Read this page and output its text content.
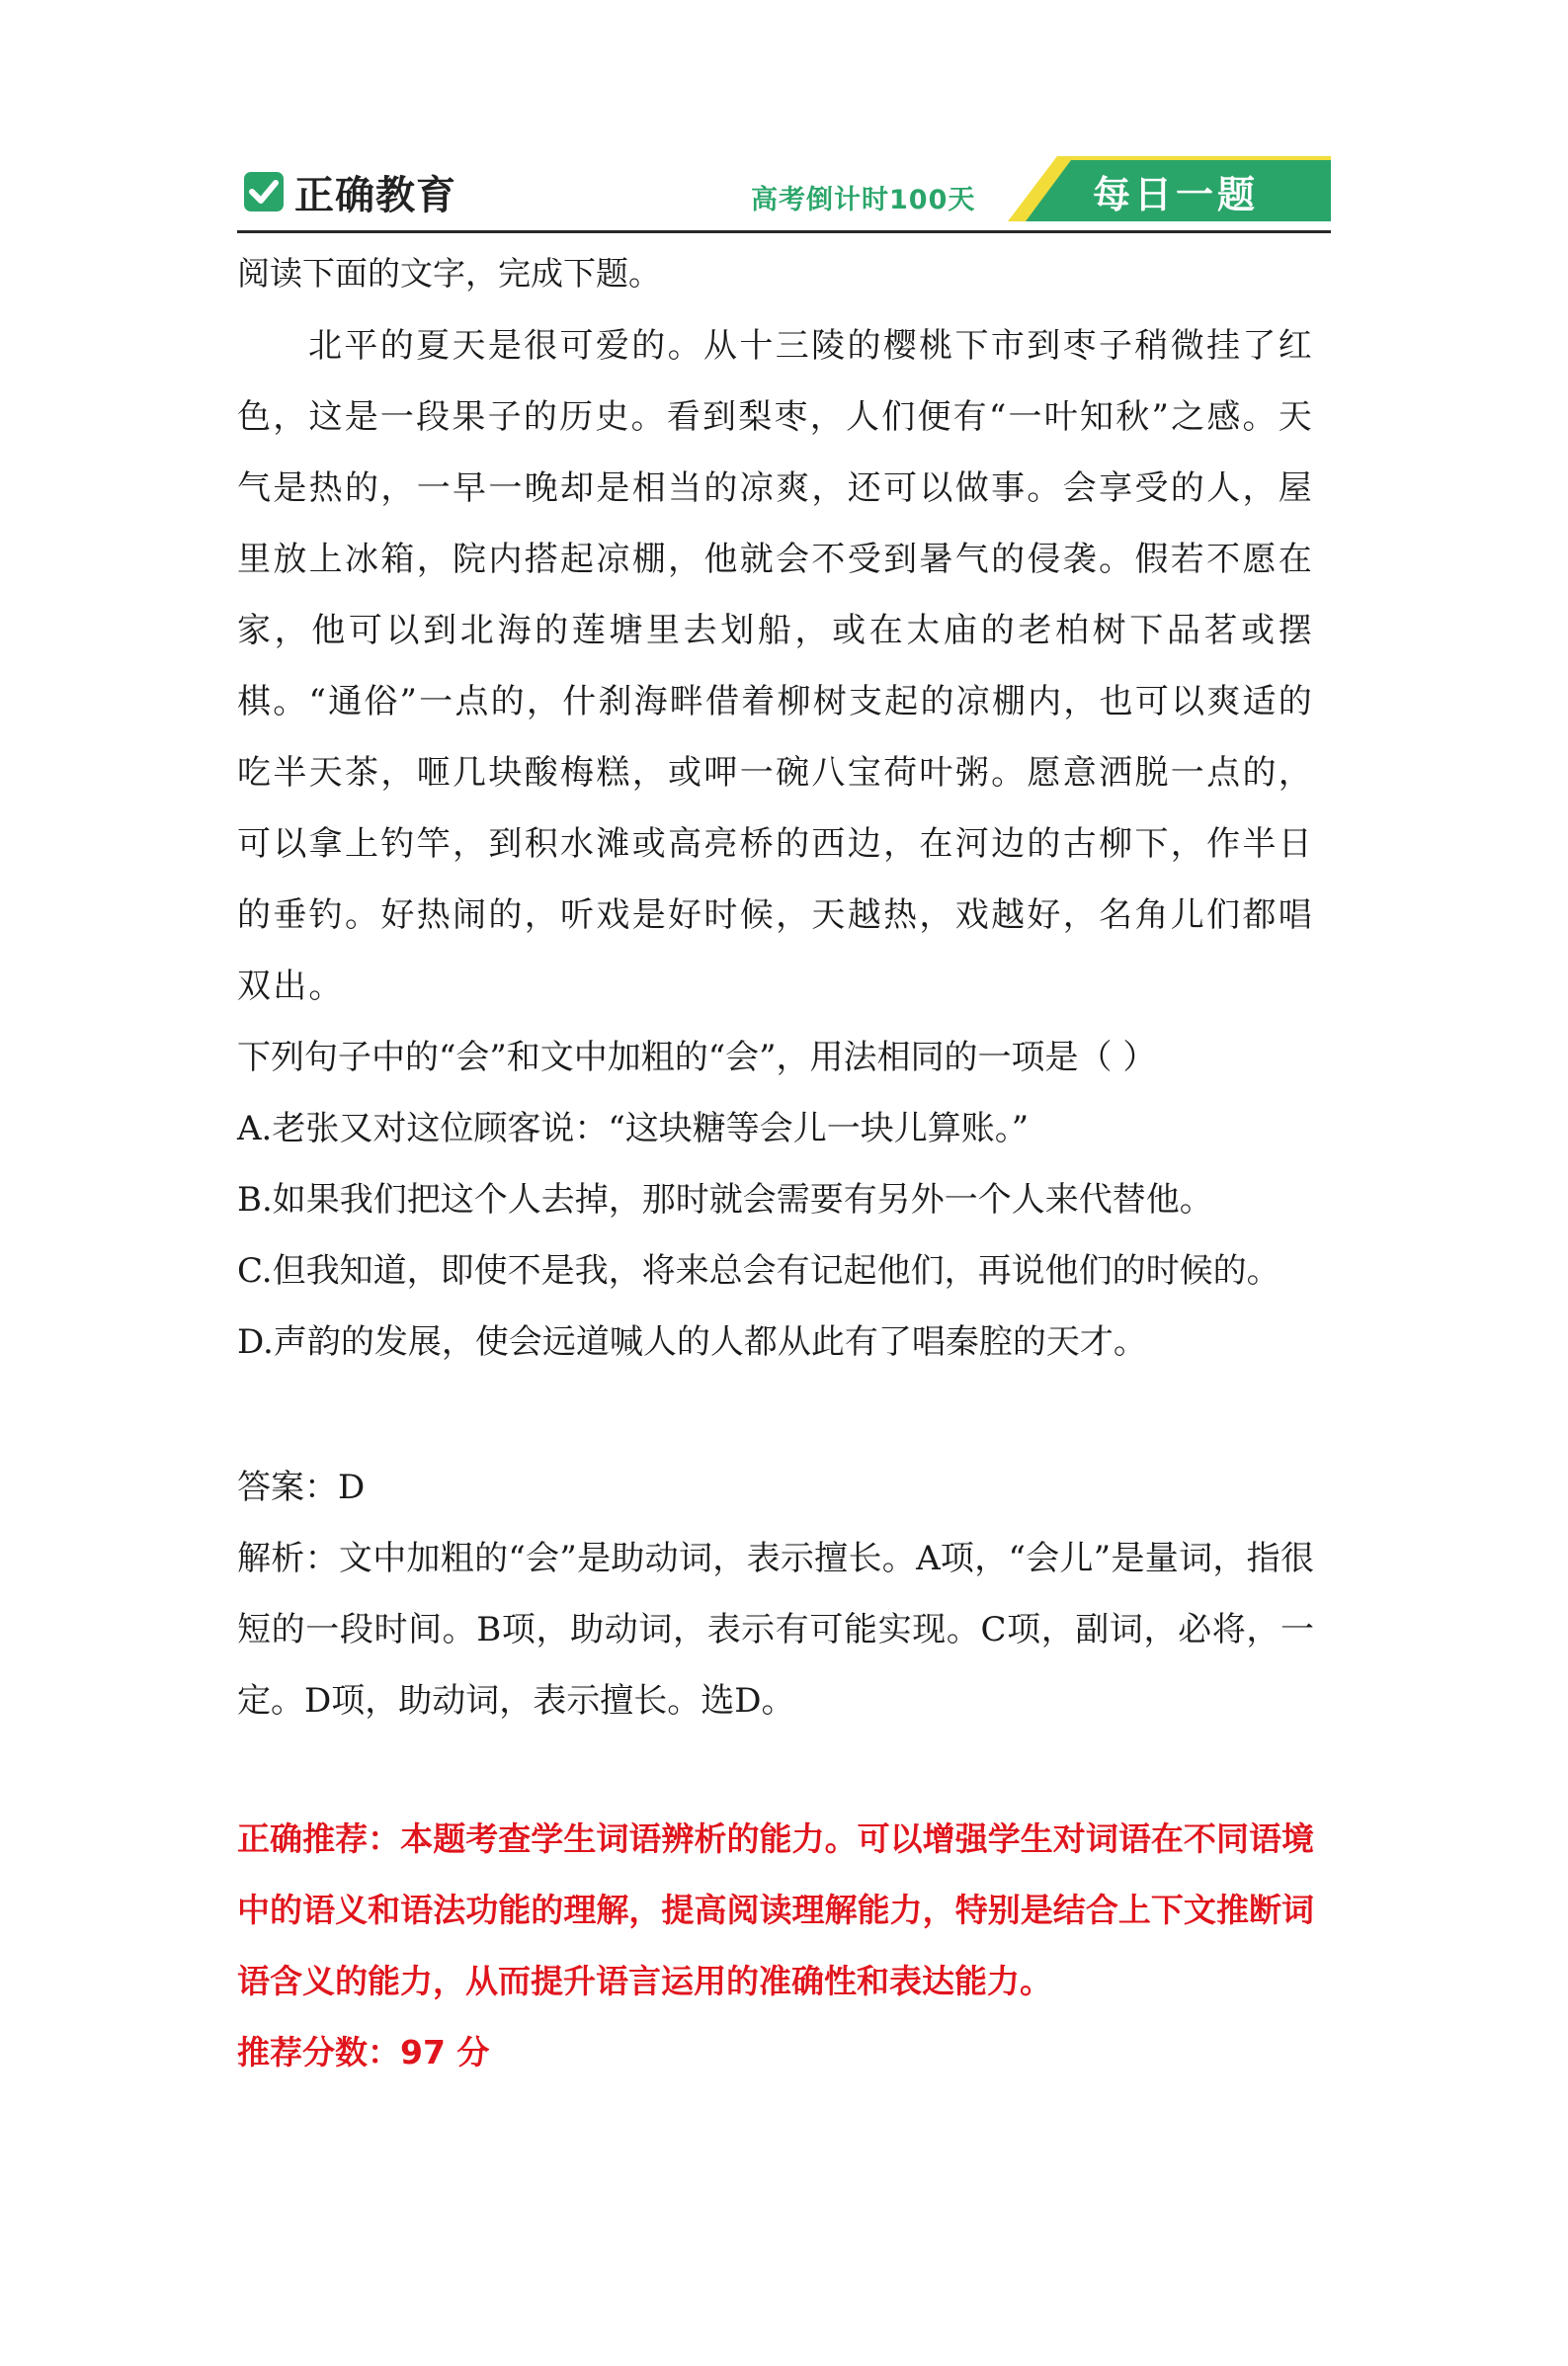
正确教育	高考倒计时100天	每日一题

阅读下面的文字，完成下题。

北平的夏天是很可爱的。从十三陵的樱桃下市到枣子稍微挂了红色，这是一段果子的历史。看到梨枣，人们便有“一叶知秋”之感。天气是热的，一早一晚却是相当的凉爽，还可以做事。会享受的人，屋里放上冰箱，院内搭起凉棚，他就会不受到暑气的侵袭。假若不愿在家，他可以到北海的莲塘里去划船，或在太庙的老柏树下品茗或摆棋。“通俗”一点的，什刹海畔借着柳树支起的凉棚内，也可以爽适的吃半天茶，咂几块酸梅糕，或呷一碗八宝荷叶粥。愿意洒脱一点的，可以拿上钓竿，到积水滩或高亮桥的西边，在河边的古柳下，作半日的垂钓。好热闹的，听戏是好时候，天越热，戏越好，名角儿们都唱双出。

下列句子中的“会”和文中加粗的“会”，用法相同的一项是（ ）

A.老张又对这位顾客说：“这块糖等会儿一块儿算账。”

B.如果我们把这个人去掉，那时就会需要有另外一个人来代替他。

C.但我知道，即使不是我，将来总会有记起他们，再说他们的时候的。

D.声韵的发展，使会远道喊人的人都从此有了唱秦腔的天才。

答案：D

解析：文中加粗的“会”是助动词，表示擅长。A项，“会儿”是量词，指很短的一段时间。B项，助动词，表示有可能实现。C项，副词，必将，一定。D项，助动词，表示擅长。选D。

正确推荐：本题考查学生词语辨析的能力。可以增强学生对词语在不同语境中的语义和语法功能的理解，提高阅读理解能力，特别是结合上下文推断词语含义的能力，从而提升语言运用的准确性和表达能力。

推荐分数：97 分
